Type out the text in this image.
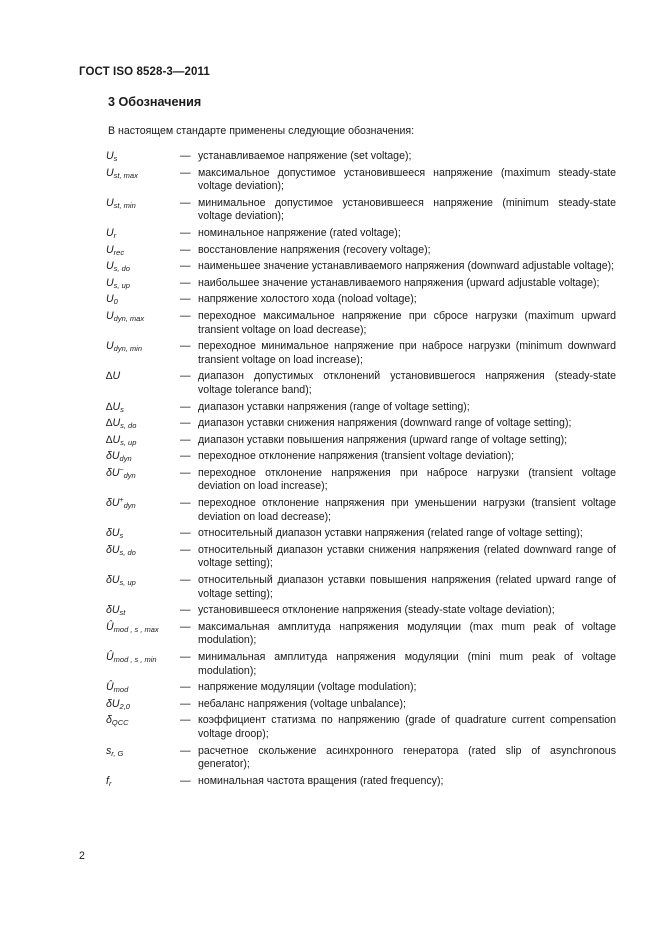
ГОСТ ISO 8528-3—2011
3 Обозначения
В настоящем стандарте применены следующие обозначения:
$U_s$	— устанавливаемое напряжение (set voltage);
$U_{st, max}$	— максимальное допустимое установившееся напряжение (maximum steady-state voltage deviation);
$U_{st, min}$	— минимальное допустимое установившееся напряжение (minimum steady-state voltage deviation);
$U_r$	— номинальное напряжение (rated voltage);
$U_{rec}$	— восстановление напряжения (recovery voltage);
$U_{s, do}$	— наименьшее значение устанавливаемого напряжения (downward adjustable voltage);
$U_{s, up}$	— наибольшее значение устанавливаемого напряжения (upward adjustable voltage);
$U_0$	— напряжение холостого хода (noload voltage);
$U_{dyn, max}$	— переходное максимальное напряжение при сбросе нагрузки (maximum upward transient voltage on load decrease);
$U_{dyn, min}$	— переходное минимальное напряжение при набросе нагрузки (minimum downward transient voltage on load increase);
∆U	— диапазон допустимых отклонений установившегося напряжения (steady-state voltage tolerance band);
$\Delta U_s$	— диапазон уставки напряжения (range of voltage setting);
$\Delta U_{s, do}$	— диапазон уставки снижения напряжения (downward range of voltage setting);
$\Delta U_{s, up}$	— диапазон уставки повышения напряжения (upward range of voltage setting);
$\delta U_{dyn}$	— переходное отклонение напряжения (transient voltage deviation);
$\delta U^-_{dyn}$	— переходное отклонение напряжения при набросе нагрузки (transient voltage deviation on load increase);
$\delta U^+_{dyn}$	— переходное отклонение напряжения при уменьшении нагрузки (transient voltage deviation on load decrease);
$\delta U_s$	— относительный диапазон уставки напряжения (related range of voltage setting);
$\delta U_{s, do}$	— относительный диапазон уставки снижения напряжения (related downward range of voltage setting);
$\delta U_{s, up}$	— относительный диапазон уставки повышения напряжения (related upward range of voltage setting);
$\delta U_{st}$	— установившееся отклонение напряжения (steady-state voltage deviation);
$Û_{mod , s , max}$	— максимальная амплитуда напряжения модуляции (max mum peak of voltage modulation);
$Û_{mod , s , min}$	— минимальная амплитуда напряжения модуляции (mini mum peak of voltage modulation);
$Û_{mod}$	— напряжение модуляции (voltage modulation);
$\delta U_{2,0}$	— небаланс напряжения (voltage unbalance);
$\delta_{QCC}$	— коэффициент статизма по напряжению (grade of quadrature current compensation voltage droop);
$s_{r, G}$	— расчетное скольжение асинхронного генератора (rated slip of asynchronous generator);
$f_r$	— номинальная частота вращения (rated frequency);
2
